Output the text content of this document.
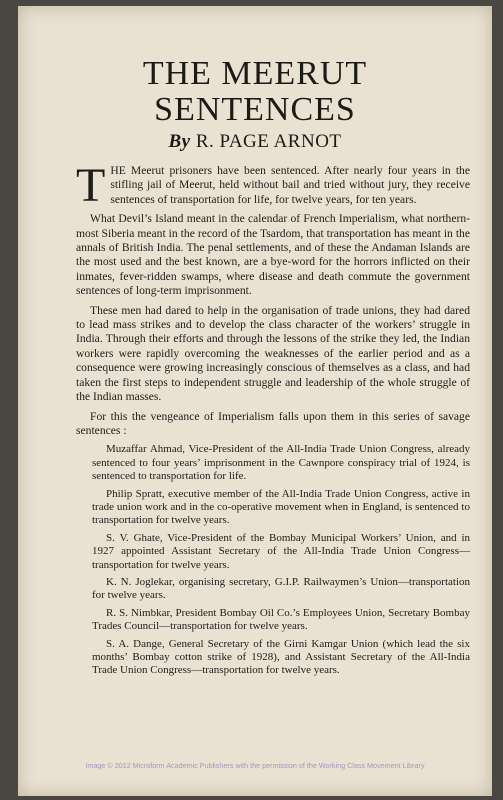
THE MEERUT
SENTENCES
By R. PAGE ARNOT

THE Meerut prisoners have been sentenced. After nearly four years in the stifling jail of Meerut, held without bail and tried without jury, they receive sentences of transportation for life, for twelve years, for ten years.

What Devil’s Island meant in the calendar of French Imperialism, what northern-most Siberia meant in the record of the Tsardom, that transportation has meant in the annals of British India. The penal settlements, and of these the Andaman Islands are the most used and the best known, are a bye-word for the horrors inflicted on their inmates, fever-ridden swamps, where disease and death commute the government sentences of long-term imprisonment.

These men had dared to help in the organisation of trade unions, they had dared to lead mass strikes and to develop the class character of the workers’ struggle in India. Through their efforts and through the lessons of the strike they led, the Indian workers were rapidly overcoming the weaknesses of the earlier period and as a consequence were growing increasingly conscious of themselves as a class, and had taken the first steps to independent struggle and leadership of the whole struggle of the Indian masses.

For this the vengeance of Imperialism falls upon them in this series of savage sentences :

Muzaffar Ahmad, Vice-President of the All-India Trade Union Congress, already sentenced to four years’ imprisonment in the Cawnpore conspiracy trial of 1924, is sentenced to transportation for life.

Philip Spratt, executive member of the All-India Trade Union Congress, active in trade union work and in the co-operative movement when in England, is sentenced to transportation for twelve years.

S. V. Ghate, Vice-President of the Bombay Municipal Workers’ Union, and in 1927 appointed Assistant Secretary of the All-India Trade Union Congress—transportation for twelve years.

K. N. Joglekar, organising secretary, G.I.P. Railwaymen’s Union—transportation for twelve years.

R. S. Nimbkar, President Bombay Oil Co.’s Employees Union, Secretary Bombay Trades Council—transportation for twelve years.

S. A. Dange, General Secretary of the Girni Kamgar Union (which lead the six months’ Bombay cotton strike of 1928), and Assistant Secretary of the All-India Trade Union Congress—transportation for twelve years.

Image © 2012 Microform Academic Publishers with the permission of the Working Class Movement Library
